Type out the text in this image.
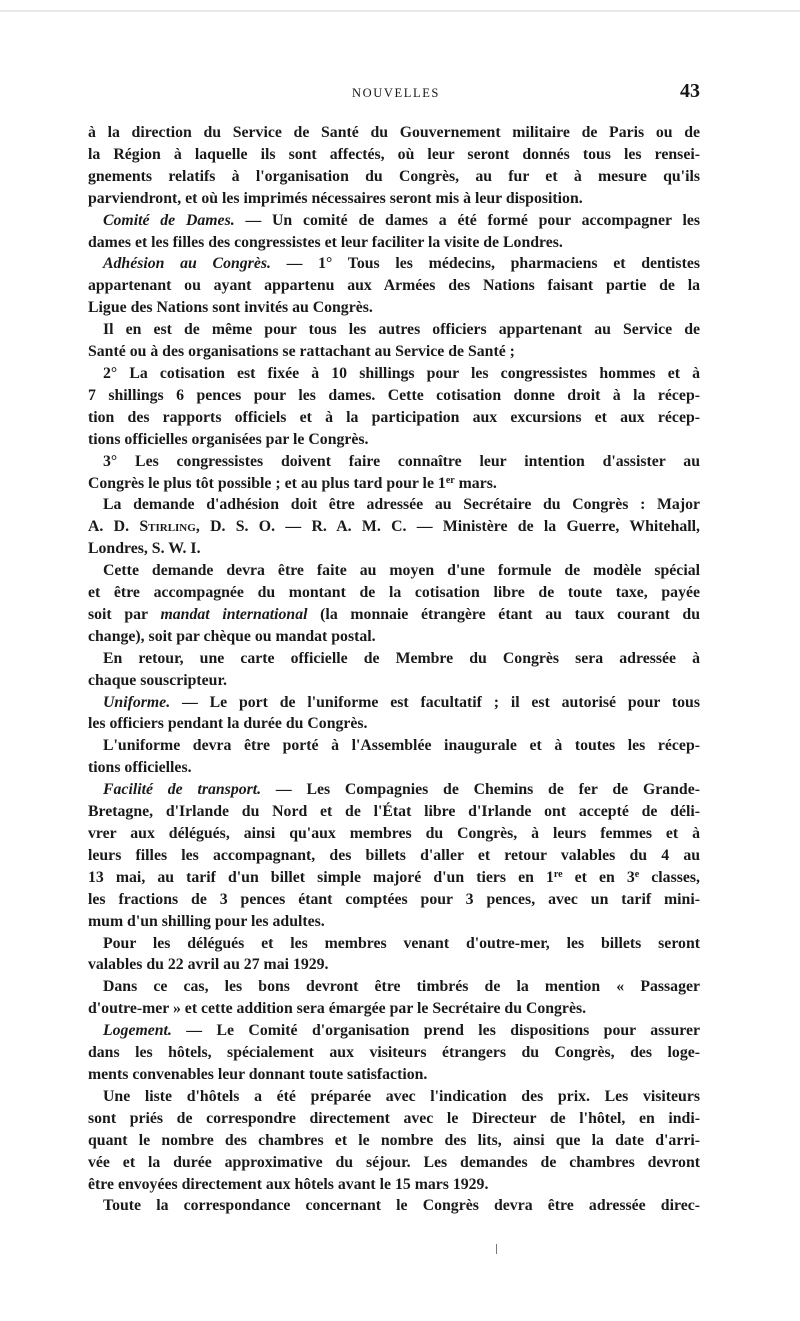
NOUVELLES	43
à la direction du Service de Santé du Gouvernement militaire de Paris ou de
la Région à laquelle ils sont affectés, où leur seront donnés tous les rensei-
gnements relatifs à l'organisation du Congrès, au fur et à mesure qu'ils
parviendront, et où les imprimés nécessaires seront mis à leur disposition.
Comité de Dames. — Un comité de dames a été formé pour accompagner les
dames et les filles des congressistes et leur faciliter la visite de Londres.
Adhésion au Congrès. — 1° Tous les médecins, pharmaciens et dentistes
appartenant ou ayant appartenu aux Armées des Nations faisant partie de la
Ligue des Nations sont invités au Congrès.
Il en est de même pour tous les autres officiers appartenant au Service de
Santé ou à des organisations se rattachant au Service de Santé ;
2° La cotisation est fixée à 10 shillings pour les congressistes hommes et à
7 shillings 6 pences pour les dames. Cette cotisation donne droit à la récep-
tion des rapports officiels et à la participation aux excursions et aux récep-
tions officielles organisées par le Congrès.
3° Les congressistes doivent faire connaître leur intention d'assister au
Congrès le plus tôt possible ; et au plus tard pour le 1er mars.
La demande d'adhésion doit être adressée au Secrétaire du Congrès : Major
A. D. Stirling, D. S. O. — R. A. M. C. — Ministère de la Guerre, Whitehall,
Londres, S. W. I.
Cette demande devra être faite au moyen d'une formule de modèle spécial
et être accompagnée du montant de la cotisation libre de toute taxe, payée
soit par mandat international (la monnaie étrangère étant au taux courant du
change), soit par chèque ou mandat postal.
En retour, une carte officielle de Membre du Congrès sera adressée à
chaque souscripteur.
Uniforme. — Le port de l'uniforme est facultatif ; il est autorisé pour tous
les officiers pendant la durée du Congrès.
L'uniforme devra être porté à l'Assemblée inaugurale et à toutes les récep-
tions officielles.
Facilité de transport. — Les Compagnies de Chemins de fer de Grande-
Bretagne, d'Irlande du Nord et de l'État libre d'Irlande ont accepté de déli-
vrer aux délégués, ainsi qu'aux membres du Congrès, à leurs femmes et à
leurs filles les accompagnant, des billets d'aller et retour valables du 4 au
13 mai, au tarif d'un billet simple majoré d'un tiers en 1re et en 3e classes,
les fractions de 3 pences étant comptées pour 3 pences, avec un tarif mini-
mum d'un shilling pour les adultes.
Pour les délégués et les membres venant d'outre-mer, les billets seront
valables du 22 avril au 27 mai 1929.
Dans ce cas, les bons devront être timbrés de la mention « Passager
d'outre-mer » et cette addition sera émargée par le Secrétaire du Congrès.
Logement. — Le Comité d'organisation prend les dispositions pour assurer
dans les hôtels, spécialement aux visiteurs étrangers du Congrès, des loge-
ments convenables leur donnant toute satisfaction.
Une liste d'hôtels a été préparée avec l'indication des prix. Les visiteurs
sont priés de correspondre directement avec le Directeur de l'hôtel, en indi-
quant le nombre des chambres et le nombre des lits, ainsi que la date d'arri-
vée et la durée approximative du séjour. Les demandes de chambres devront
être envoyées directement aux hôtels avant le 15 mars 1929.
Toute la correspondance concernant le Congrès devra être adressée direc-
